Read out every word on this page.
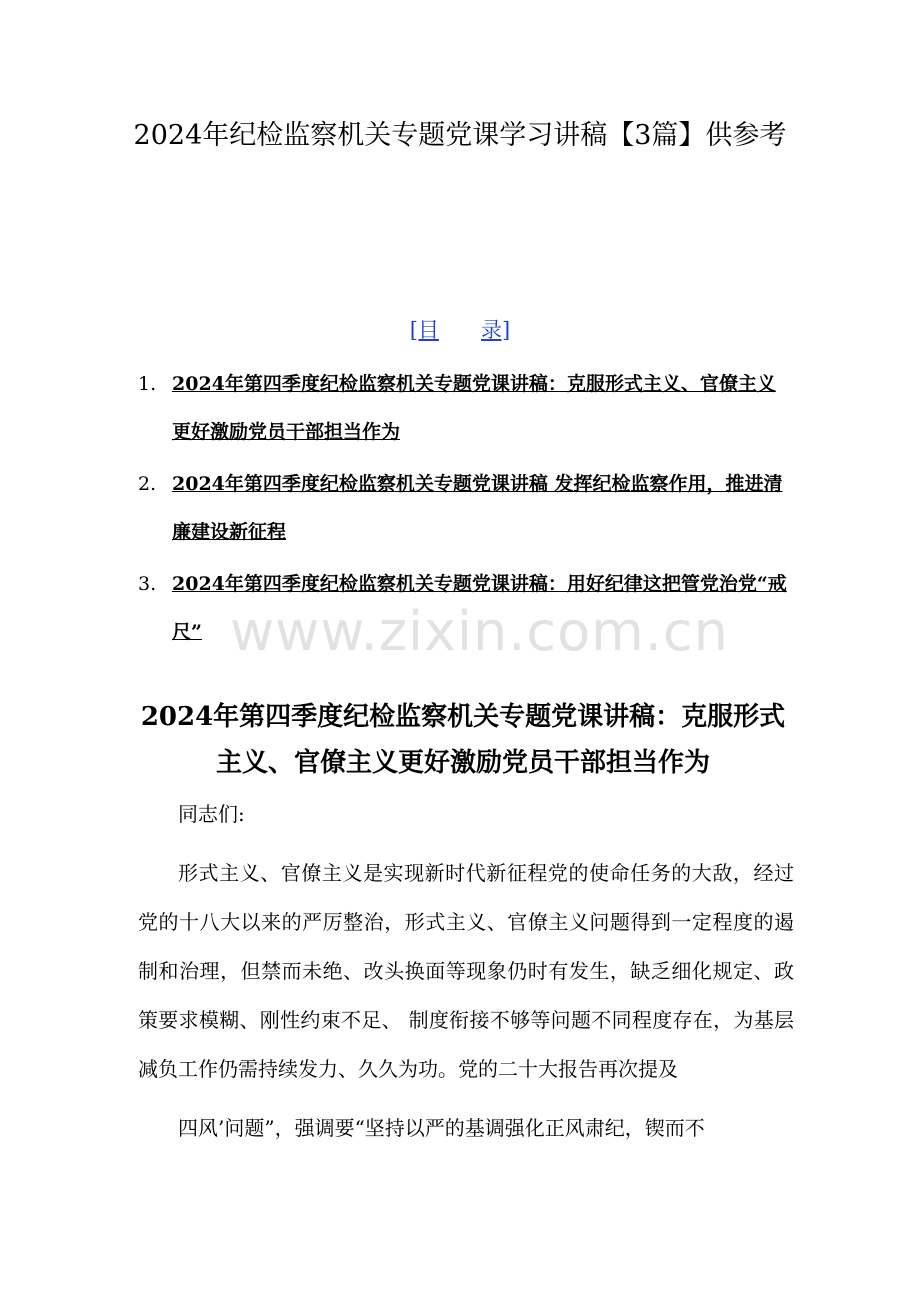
2024年纪检监察机关专题党课学习讲稿【3篇】供参考
[目 录]
1. 2024年第四季度纪检监察机关专题党课讲稿：克服形式主义、官僚主义更好激励党员干部担当作为
2. 2024年第四季度纪检监察机关专题党课讲稿 发挥纪检监察作用，推进清廉建设新征程
3. 2024年第四季度纪检监察机关专题党课讲稿：用好纪律这把管党治党“戒尺” www.zixin.com.cn
2024年第四季度纪检监察机关专题党课讲稿：克服形式主义、官僚主义更好激励党员干部担当作为

同志们:

形式主义、官僚主义是实现新时代新征程党的使命任务的大敌，经过党的十八大以来的严厉整治，形式主义、官僚主义问题得到一定程度的遏制和治理，但禁而未绝、改头换面等现象仍时有发生，缺乏细化规定、政策要求模糊、刚性约束不足、 制度衔接不够等问题不同程度存在，为基层减负工作仍需持续发力、久久为功。党的二十大报告再次提及

四风’问题”，强调要“坚持以严的基调强化正风肃纪，锲而不
